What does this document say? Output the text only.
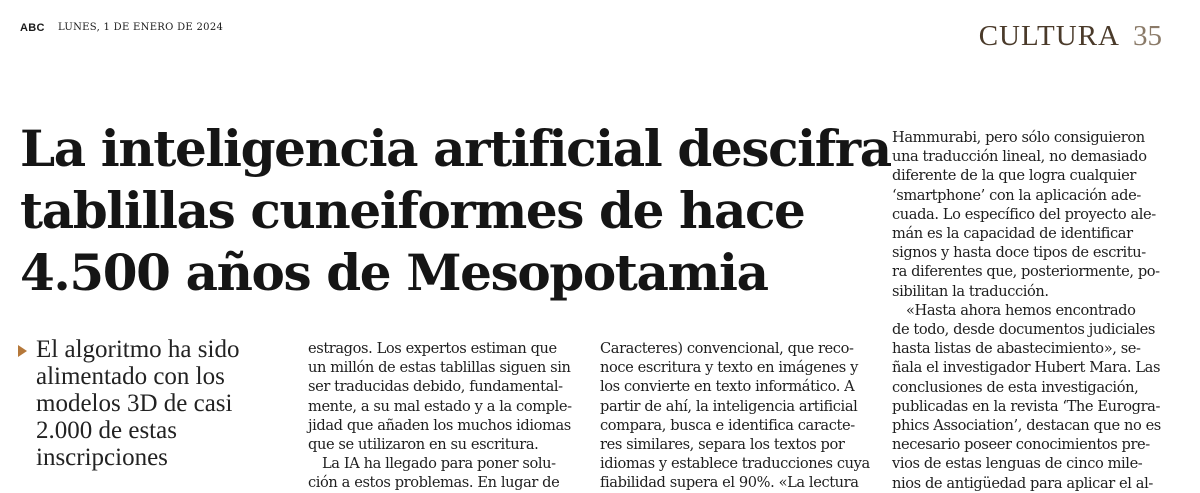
ABC LUNES, 1 DE ENERO DE 2024	CULTURA 35
La inteligencia artificial descifra
tablillas cuneiformes de hace
4.500 años de Mesopotamia
El algoritmo ha sido
alimentado con los
modelos 3D de casi
2.000 de estas
inscripciones
estragos. Los expertos estiman que
un millón de estas tablillas siguen sin
ser traducidas debido, fundamental-
mente, a su mal estado y a la comple-
jidad que añaden los muchos idiomas
que se utilizaron en su escritura.
La IA ha llegado para poner solu-
ción a estos problemas. En lugar de
Caracteres) convencional, que reco-
noce escritura y texto en imágenes y
los convierte en texto informático. A
partir de ahí, la inteligencia artificial
compara, busca e identifica caracte-
res similares, separa los textos por
idiomas y establece traducciones cuya
fiabilidad supera el 90%. «La lectura
Hammurabi, pero sólo consiguieron
una traducción lineal, no demasiado
diferente de la que logra cualquier
‘smartphone’ con la aplicación ade-
cuada. Lo específico del proyecto ale-
mán es la capacidad de identificar
signos y hasta doce tipos de escritu-
ra diferentes que, posteriormente, po-
sibilitan la traducción.
«Hasta ahora hemos encontrado
de todo, desde documentos judiciales
hasta listas de abastecimiento», se-
ñala el investigador Hubert Mara. Las
conclusiones de esta investigación,
publicadas en la revista ‘The Eurogra-
phics Association’, destacan que no es
necesario poseer conocimientos pre-
vios de estas lenguas de cinco mile-
nios de antigüedad para aplicar el al-
